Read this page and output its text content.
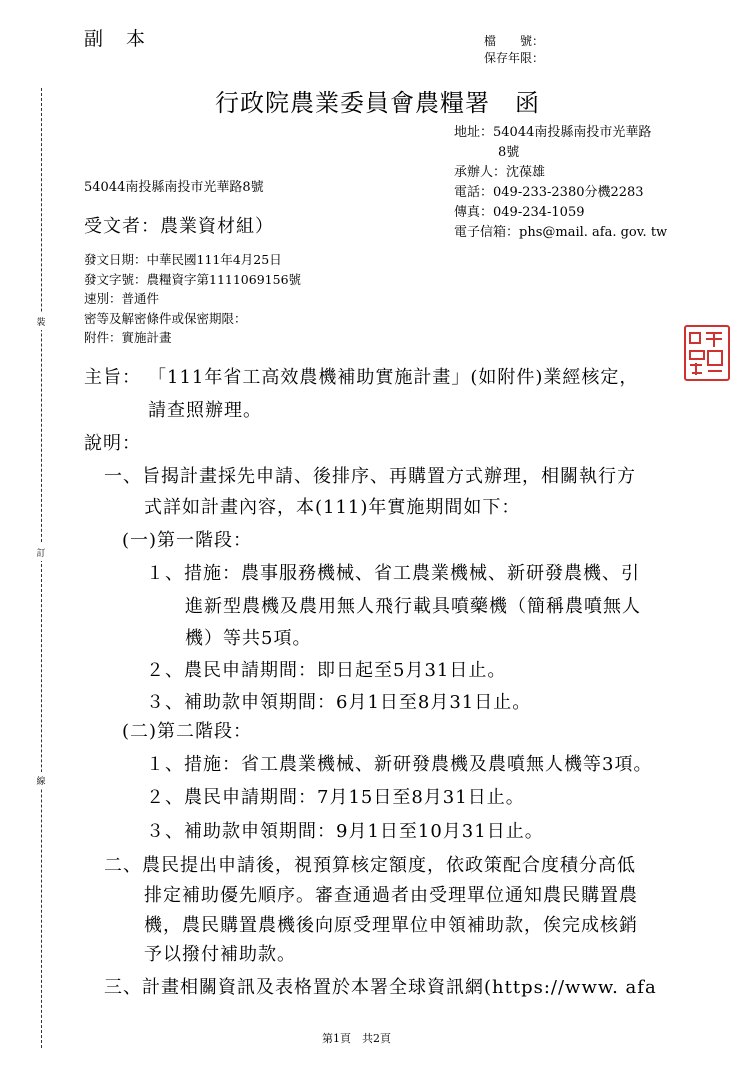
副　本	檔　　號：
保存年限：
行政院農業委員會農糧署　函
地址：54044南投縣南投市光華路
8號
承辦人：沈葆雄
電話：049-233-2380分機2283
傳真：049-234-1059
電子信箱：phs@mail. afa. gov. tw
54044南投縣南投市光華路8號
受文者：農業資材組）
發文日期：中華民國111年4月25日
發文字號：農糧資字第1111069156號
速別：普通件
密等及解密條件或保密期限：
附件：實施計畫
裝
訂
線
主旨： 「111年省工高效農機補助實施計畫」(如附件)業經核定，
請查照辦理。
說明：
一、旨揭計畫採先申請、後排序、再購置方式辦理，相關執行方
式詳如計畫內容，本(111)年實施期間如下：
(一)第一階段：
１、措施：農事服務機械、省工農業機械、新研發農機、引
進新型農機及農用無人飛行載具噴藥機（簡稱農噴無人
機）等共5項。
２、農民申請期間：即日起至5月31日止。
３、補助款申領期間：6月1日至8月31日止。
(二)第二階段：
１、措施：省工農業機械、新研發農機及農噴無人機等3項。
２、農民申請期間：7月15日至8月31日止。
３、補助款申領期間：9月1日至10月31日止。
二、農民提出申請後，視預算核定額度，依政策配合度積分高低
排定補助優先順序。審查通過者由受理單位通知農民購置農
機，農民購置農機後向原受理單位申領補助款，俟完成核銷
予以撥付補助款。
三、計畫相關資訊及表格置於本署全球資訊網(https://www. afa
第1頁　共2頁
